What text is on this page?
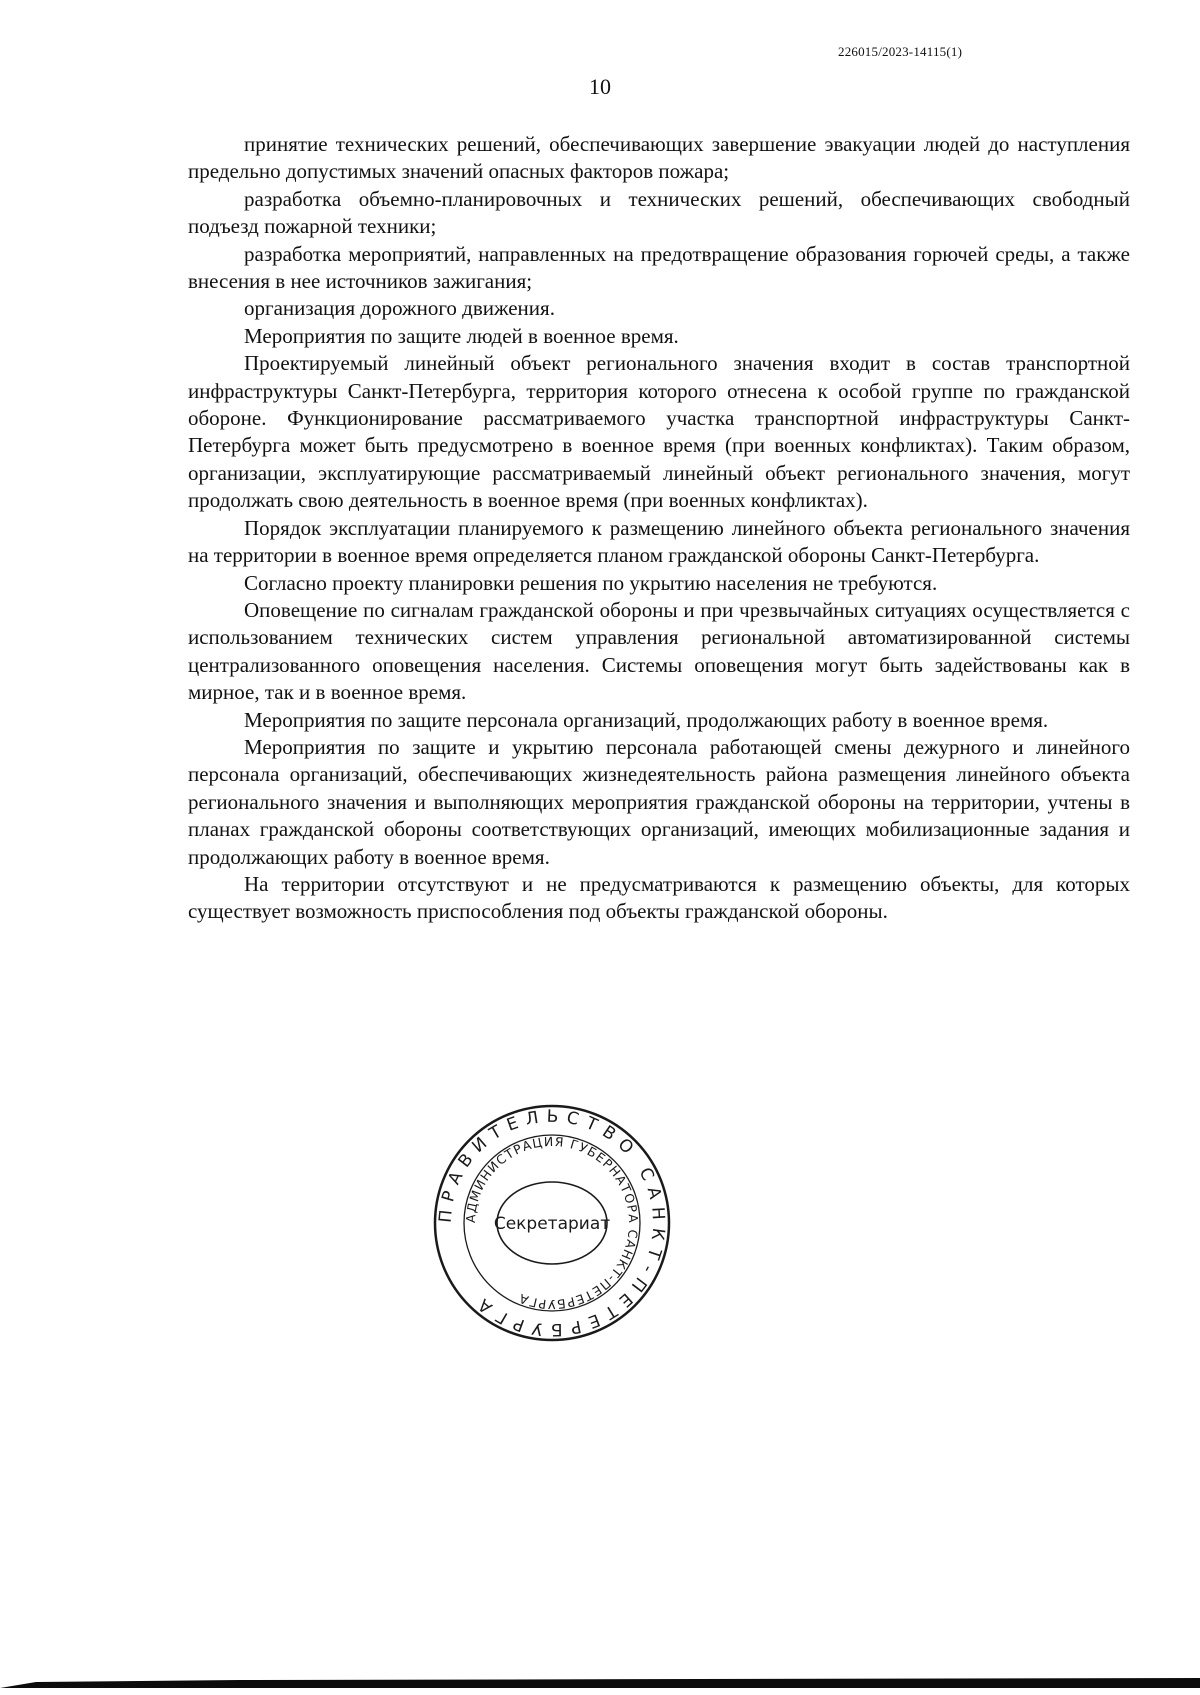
226015/2023-14115(1)
10

принятие технических решений, обеспечивающих завершение эвакуации людей до наступления предельно допустимых значений опасных факторов пожара;

разработка объемно-планировочных и технических решений, обеспечивающих свободный подъезд пожарной техники;

разработка мероприятий, направленных на предотвращение образования горючей среды, а также внесения в нее источников зажигания;

организация дорожного движения.

Мероприятия по защите людей в военное время.

Проектируемый линейный объект регионального значения входит в состав транспортной инфраструктуры Санкт-Петербурга, территория которого отнесена к особой группе по гражданской обороне. Функционирование рассматриваемого участка транспортной инфраструктуры Санкт-Петербурга может быть предусмотрено в военное время (при военных конфликтах). Таким образом, организации, эксплуатирующие рассматриваемый линейный объект регионального значения, могут продолжать свою деятельность в военное время (при военных конфликтах).

Порядок эксплуатации планируемого к размещению линейного объекта регионального значения на территории в военное время определяется планом гражданской обороны Санкт-Петербурга.

Согласно проекту планировки решения по укрытию населения не требуются.

Оповещение по сигналам гражданской обороны и при чрезвычайных ситуациях осуществляется с использованием технических систем управления региональной автоматизированной системы централизованного оповещения населения. Системы оповещения могут быть задействованы как в мирное, так и в военное время.

Мероприятия по защите персонала организаций, продолжающих работу в военное время.

Мероприятия по защите и укрытию персонала работающей смены дежурного и линейного персонала организаций, обеспечивающих жизнедеятельность района размещения линейного объекта регионального значения и выполняющих мероприятия гражданской обороны на территории, учтены в планах гражданской обороны соответствующих организаций, имеющих мобилизационные задания и продолжающих работу в военное время.

На территории отсутствуют и не предусматриваются к размещению объекты, для которых существует возможность приспособления под объекты гражданской обороны.

ПРАВИТЕЛЬСТВО САНКТ-ПЕТЕРБУРГА
АДМИНИСТРАЦИЯ ГУБЕРНАТОРА САНКТ-ПЕТЕРБУРГА
Секретариат
